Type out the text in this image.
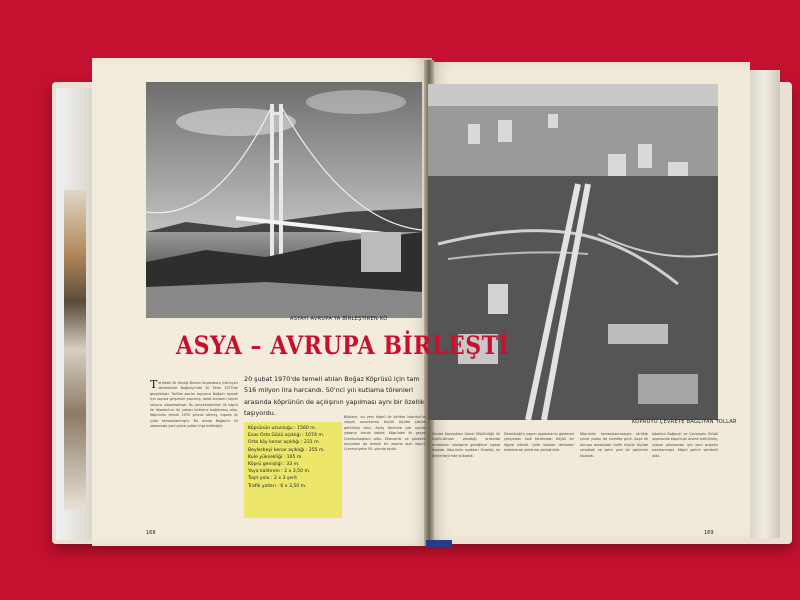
ASYAYI AVRUPA'YA BİRLEŞTİREN KÖ
KÖPRÜYÜ ÇEVREYE BAĞLIYAN YOLLAR
ASYA – AVRUPA BİRLEŞTİ
20 şubat 1970'de temeli atılan Boğaz Köprüsü için tam 516 milyon lira harcandı. 50'nci yılı kutlama törenleri arasında köprünün de açılışının yapılması aynı bir özellik taşıyordu.
T arihteki ilk örneği Bizans İmparatoru Jüstinyen döneminde Boğaziçi'nde 30 Ekim 1973'de gerçekleşti. Tarihte asırlar boyunca Boğaz'ı aşmak için sayısız girişimler yapılmış, fakat bunların hiçbiri sonuca ulaşamamıştı. Bu gerçekleştirilen ilk köprü ile İstanbul'un iki yakası birbirine bağlanmış oldu. Köprünün temeli 1970 yılında atılmış, inşaatı üç yılda tamamlanmıştır. Bu arada Boğaz'ın iki yakasında yeni çevre yolları inşa edilmiştir.	Köprünün uzunluğu : 1560 m.
Esas Orta Gözü açıklığı : 1074 m.
Orta köy kenar açıklığı : 231 m.
Beylerbeyi kenar açıklığı : 255 m.
Kule yüksekliği : 165 m.
Köprü genişliği : 33 m.
Yaya kaldırımı : 2 x 3,50 m.
Taşıt yolu : 2 x 3 şerit
Trafik yolları : 6 x 3,50 m.
Böylece, bu yeni köprü ile birlikte İstanbul'un ulaşım sorunlarına büyük ölçüde çözüm getirilmiş oldu. Açılış törenine çok sayıda yabancı konuk katıldı. Köprüden ilk geçen Cumhurbaşkanı oldu. Ekonomik ve güvenlik açısından da önemli bir aşama olan köprü, Cumhuriyetin 50. yılında açıldı.
Devlet Karayolları Genel Müdürlüğü ile İngiliz-Alman ortaklığı arasında imzalanan sözleşme gereğince inşaat başladı. Köprünün ayakları Ortaköy ve Beylerbeyi'nde yükseldi.
Demirbağ'ın yapım aşamalarını gösteren çalışmalar halk tarafından büyük bir ilgiyle izlendi. Çelik kasalar denizden kaldırılarak yerlerine yerleştirildi.
Köprünün tamamlanmasıyla birlikte çevre yolları da hizmete girdi. Asya ile Avrupa arasındaki trafik büyük ölçüde rahatladı ve şehir yeni bir görünüm kazandı.
İstanbul Boğaziçi ve Çevreyolu Etüdü raporunda köprünün önemi belirtilmiş, ulaşım planlaması için yeni projeler hazırlanmıştı. Köprü şehrin sembolü oldu.
168	169
